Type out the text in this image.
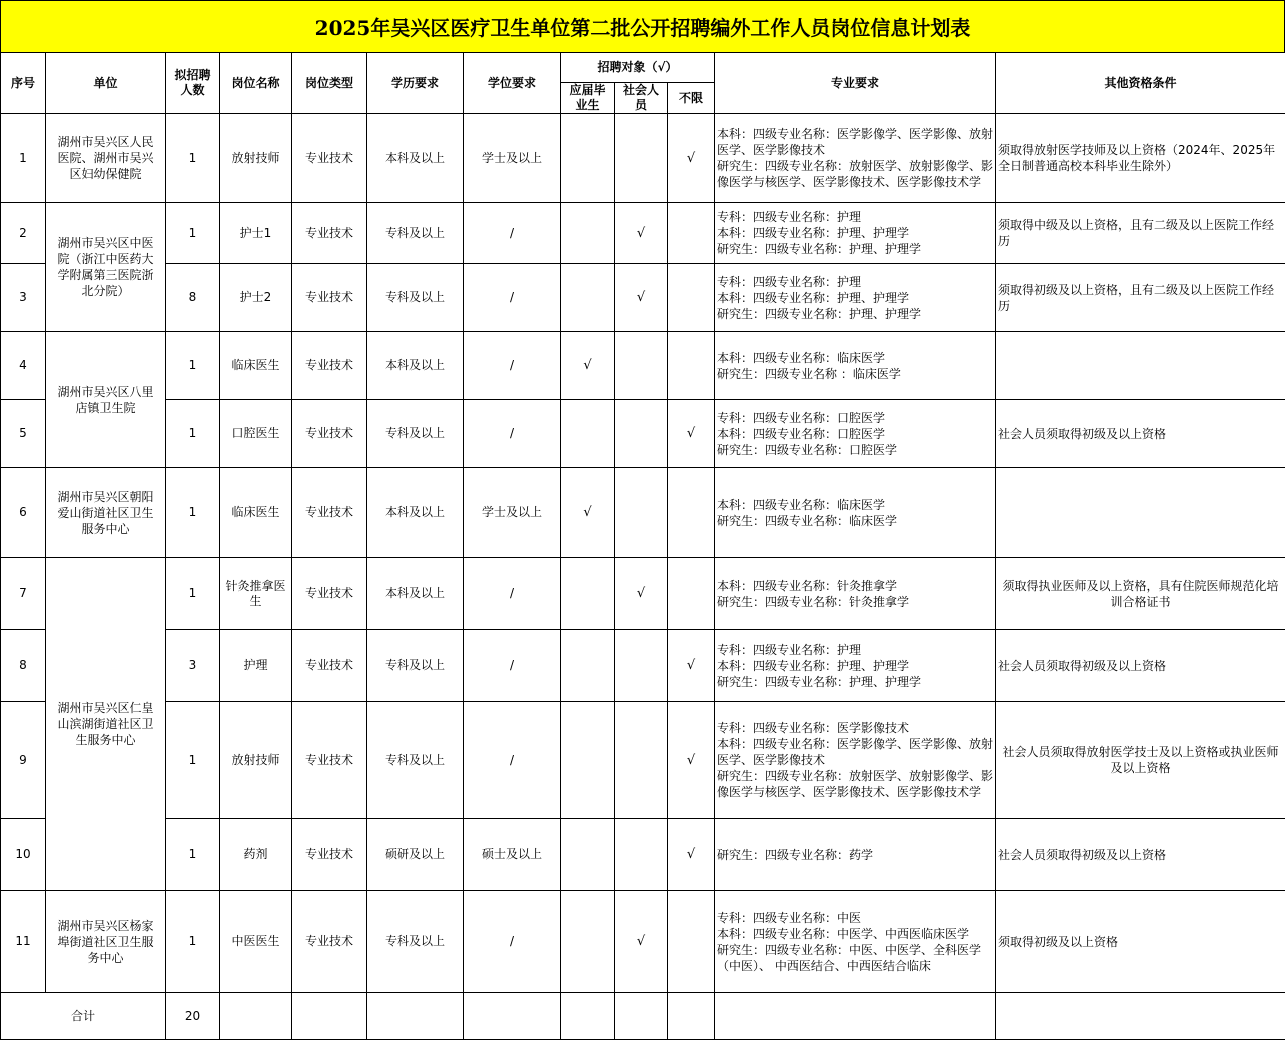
2025年吴兴区医疗卫生单位第二批公开招聘编外工作人员岗位信息计划表
序号	单位	拟招聘人数	岗位名称	岗位类型	学历要求	学位要求	招聘对象（√）			专业要求	其他资格条件
							应届毕业生	社会人员	不限		
1	湖州市吴兴区人民医院、湖州市吴兴区妇幼保健院	1	放射技师	专业技术	本科及以上	学士及以上			√	本科：四级专业名称：医学影像学、医学影像、放射医学、医学影像技术
研究生：四级专业名称：放射医学、放射影像学、影像医学与核医学、医学影像技术、医学影像技术学	须取得放射医学技师及以上资格（2024年、2025年全日制普通高校本科毕业生除外）
2	湖州市吴兴区中医院（浙江中医药大学附属第三医院浙北分院）	1	护士1	专业技术	专科及以上	/		√		专科：四级专业名称：护理
本科：四级专业名称：护理、护理学
研究生：四级专业名称：护理、护理学	须取得中级及以上资格，且有二级及以上医院工作经历
3		8	护士2	专业技术	专科及以上	/		√		专科：四级专业名称：护理
本科：四级专业名称：护理、护理学
研究生：四级专业名称：护理、护理学	须取得初级及以上资格，且有二级及以上医院工作经历
4	湖州市吴兴区八里店镇卫生院	1	临床医生	专业技术	本科及以上	/	√			本科：四级专业名称：临床医学
研究生：四级专业名称 ：临床医学	

5		1	口腔医生	专业技术	专科及以上	/			√	专科：四级专业名称：口腔医学
本科：四级专业名称：口腔医学
研究生：四级专业名称：口腔医学	社会人员须取得初级及以上资格
6	湖州市吴兴区朝阳爱山街道社区卫生服务中心	1	临床医生	专业技术	本科及以上	学士及以上	√			本科：四级专业名称：临床医学
研究生：四级专业名称：临床医学	

7	湖州市吴兴区仁皇山滨湖街道社区卫生服务中心	1	针灸推拿医生	专业技术	本科及以上	/		√		本科：四级专业名称：针灸推拿学
研究生：四级专业名称：针灸推拿学	须取得执业医师及以上资格，具有住院医师规范化培训合格证书
8		3	护理	专业技术	专科及以上	/			√	专科：四级专业名称：护理
本科：四级专业名称：护理、护理学
研究生：四级专业名称：护理、护理学	社会人员须取得初级及以上资格
9		1	放射技师	专业技术	专科及以上	/			√	专科：四级专业名称：医学影像技术
本科：四级专业名称：医学影像学、医学影像、放射医学、医学影像技术
研究生：四级专业名称：放射医学、放射影像学、影像医学与核医学、医学影像技术、医学影像技术学	社会人员须取得放射医学技士及以上资格或执业医师及以上资格
10		1	药剂	专业技术	硕研及以上	硕士及以上			√	研究生：四级专业名称：药学	社会人员须取得初级及以上资格
11	湖州市吴兴区杨家埠街道社区卫生服务中心	1	中医医生	专业技术	专科及以上	/		√		专科：四级专业名称：中医
本科：四级专业名称：中医学、中西医临床医学
研究生：四级专业名称：中医、中医学、全科医学（中医）、 中西医结合、中西医结合临床	须取得初级及以上资格
合计		20									
